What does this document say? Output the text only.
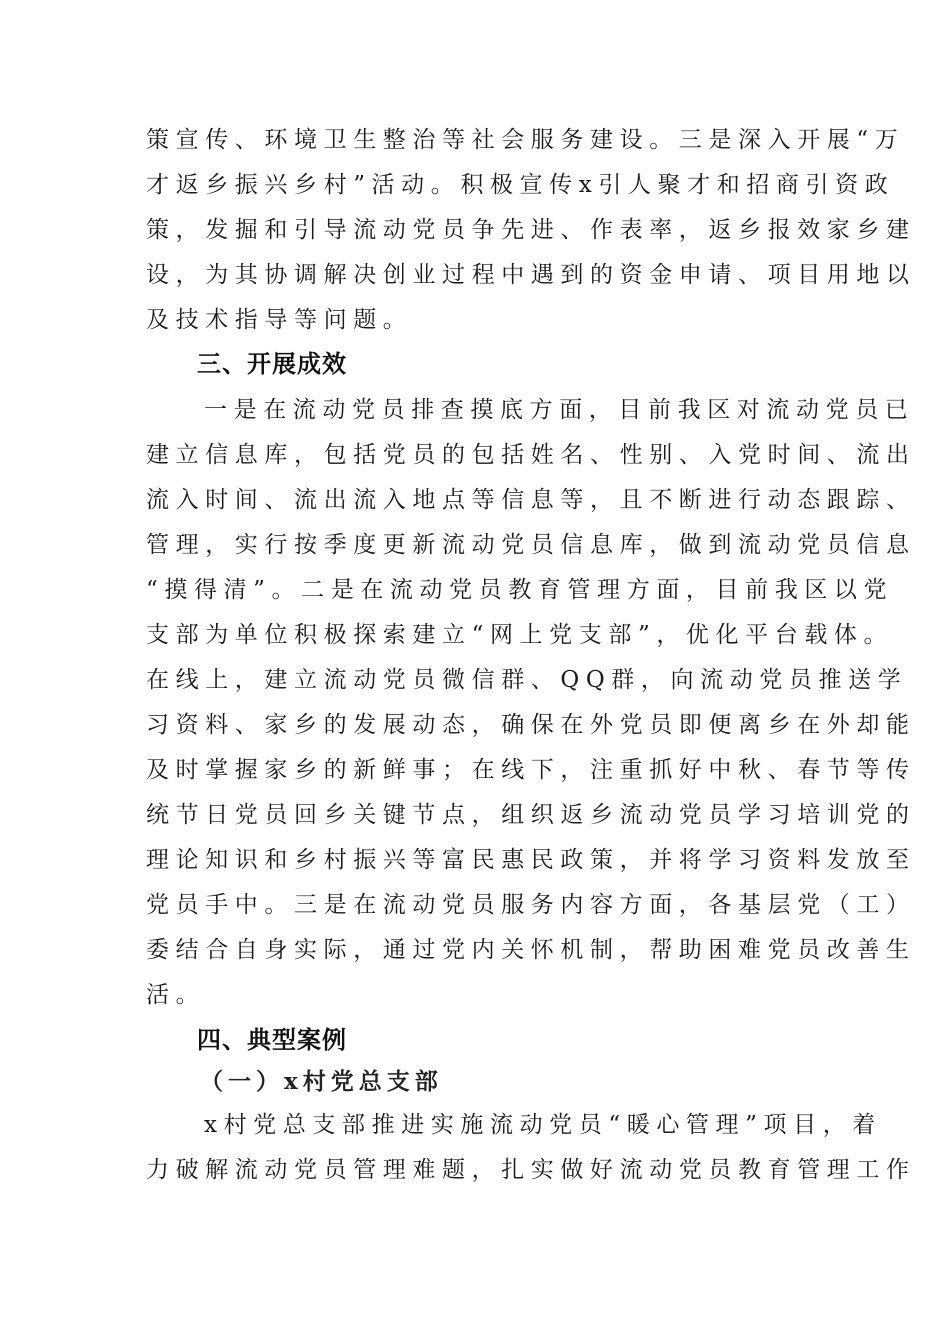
策宣传、环境卫生整治等社会服务建设。三是深入开展“万
才返乡振兴乡村”活动。积极宣传x引人聚才和招商引资政
策，发掘和引导流动党员争先进、作表率，返乡报效家乡建
设，为其协调解决创业过程中遇到的资金申请、项目用地以
及技术指导等问题。
三、开展成效
一是在流动党员排查摸底方面，目前我区对流动党员已
建立信息库，包括党员的包括姓名、性别、入党时间、流出
流入时间、流出流入地点等信息等，且不断进行动态跟踪、
管理，实行按季度更新流动党员信息库，做到流动党员信息
“摸得清”。二是在流动党员教育管理方面，目前我区以党
支部为单位积极探索建立“网上党支部”，优化平台载体。
在线上，建立流动党员微信群、QQ群，向流动党员推送学
习资料、家乡的发展动态，确保在外党员即便离乡在外却能
及时掌握家乡的新鲜事；在线下，注重抓好中秋、春节等传
统节日党员回乡关键节点，组织返乡流动党员学习培训党的
理论知识和乡村振兴等富民惠民政策，并将学习资料发放至
党员手中。三是在流动党员服务内容方面，各基层党（工）
委结合自身实际，通过党内关怀机制，帮助困难党员改善生
活。
四、典型案例
（一）x村党总支部
x村党总支部推进实施流动党员“暖心管理”项目，着
力破解流动党员管理难题，扎实做好流动党员教育管理工作
